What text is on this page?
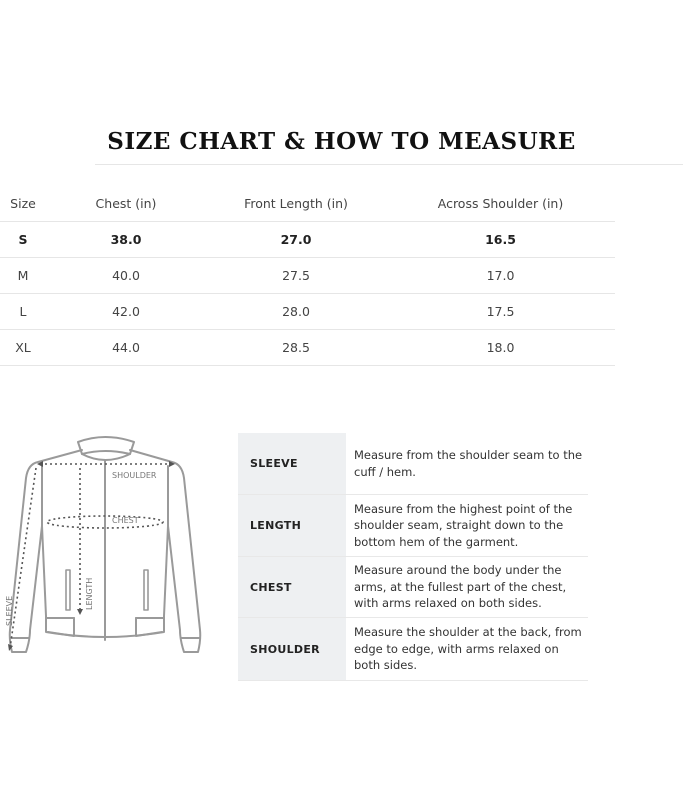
SIZE CHART & HOW TO MEASURE
Size	Chest (in)	Front Length (in)	Across Shoulder (in)
S	38.0	27.0	16.5
M	40.0	27.5	17.0
L	42.0	28.0	17.5
XL	44.0	28.5	18.0
SHOULDER
CHEST
LENGTH
SLEEVE
SLEEVE	Measure from the shoulder seam to the cuff / hem.
LENGTH	Measure from the highest point of the shoulder seam, straight down to the bottom hem of the garment.
CHEST	Measure around the body under the arms, at the fullest part of the chest, with arms relaxed on both sides.
SHOULDER	Measure the shoulder at the back, from edge to edge, with arms relaxed on both sides.
